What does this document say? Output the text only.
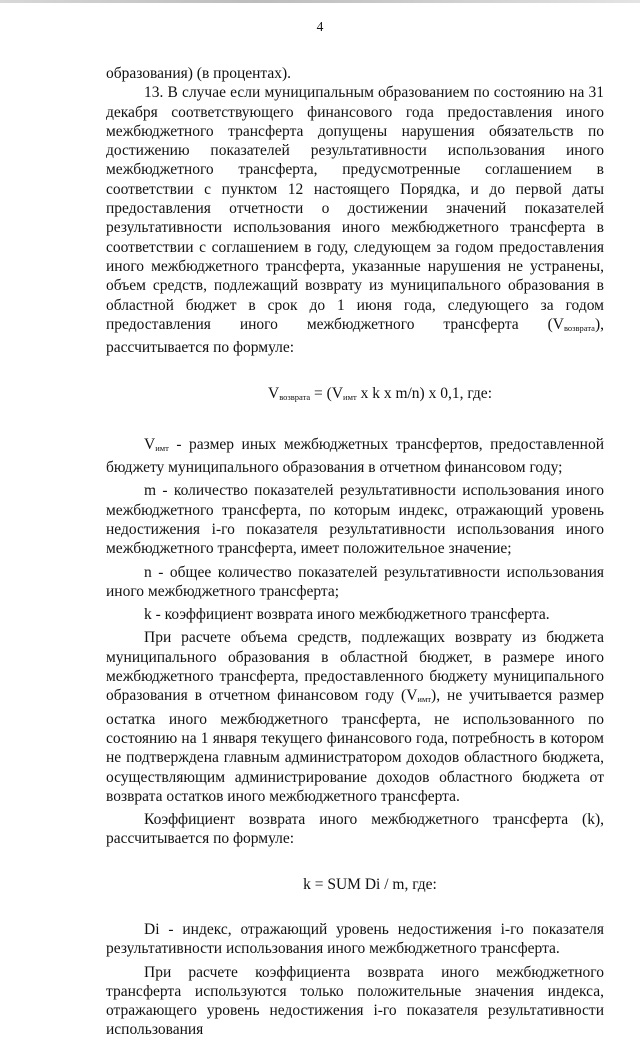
4

образования) (в процентах).

13. В случае если муниципальным образованием по состоянию на 31 декабря соответствующего финансового года предоставления иного межбюджетного трансферта допущены нарушения обязательств по достижению показателей результативности использования иного межбюджетного трансферта, предусмотренные соглашением в соответствии с пунктом 12 настоящего Порядка, и до первой даты предоставления отчетности о достижении значений показателей результативности использования иного межбюджетного трансферта в соответствии с соглашением в году, следующем за годом предоставления иного межбюджетного трансферта, указанные нарушения не устранены, объем средств, подлежащий возврату из муниципального образования в областной бюджет в срок до 1 июня года, следующего за годом предоставления иного межбюджетного трансферта $(V_{возврата})$, рассчитывается по формуле:

$V_{возврата} = (V_{имт}$ x k x m/n) x 0,1, где:

$V_{имт}$ - размер иных межбюджетных трансфертов, предоставленной бюджету муниципального образования в отчетном финансовом году;

m - количество показателей результативности использования иного межбюджетного трансферта, по которым индекс, отражающий уровень недостижения i-го показателя результативности использования иного межбюджетного трансферта, имеет положительное значение;

n - общее количество показателей результативности использования иного межбюджетного трансферта;

k - коэффициент возврата иного межбюджетного трансферта.

При расчете объема средств, подлежащих возврату из бюджета муниципального образования в областной бюджет, в размере иного межбюджетного трансферта, предоставленного бюджету муниципального образования в отчетном финансовом году $(V_{имт})$, не учитывается размер остатка иного межбюджетного трансферта, не использованного по состоянию на 1 января текущего финансового года, потребность в котором не подтверждена главным администратором доходов областного бюджета, осуществляющим администрирование доходов областного бюджета от возврата остатков иного межбюджетного трансферта.

Коэффициент возврата иного межбюджетного трансферта (k), рассчитывается по формуле:

k = SUM Di / m, где:

Di - индекс, отражающий уровень недостижения i-го показателя результативности использования иного межбюджетного трансферта.

При расчете коэффициента возврата иного межбюджетного трансферта используются только положительные значения индекса, отражающего уровень недостижения i-го показателя результативности использования
